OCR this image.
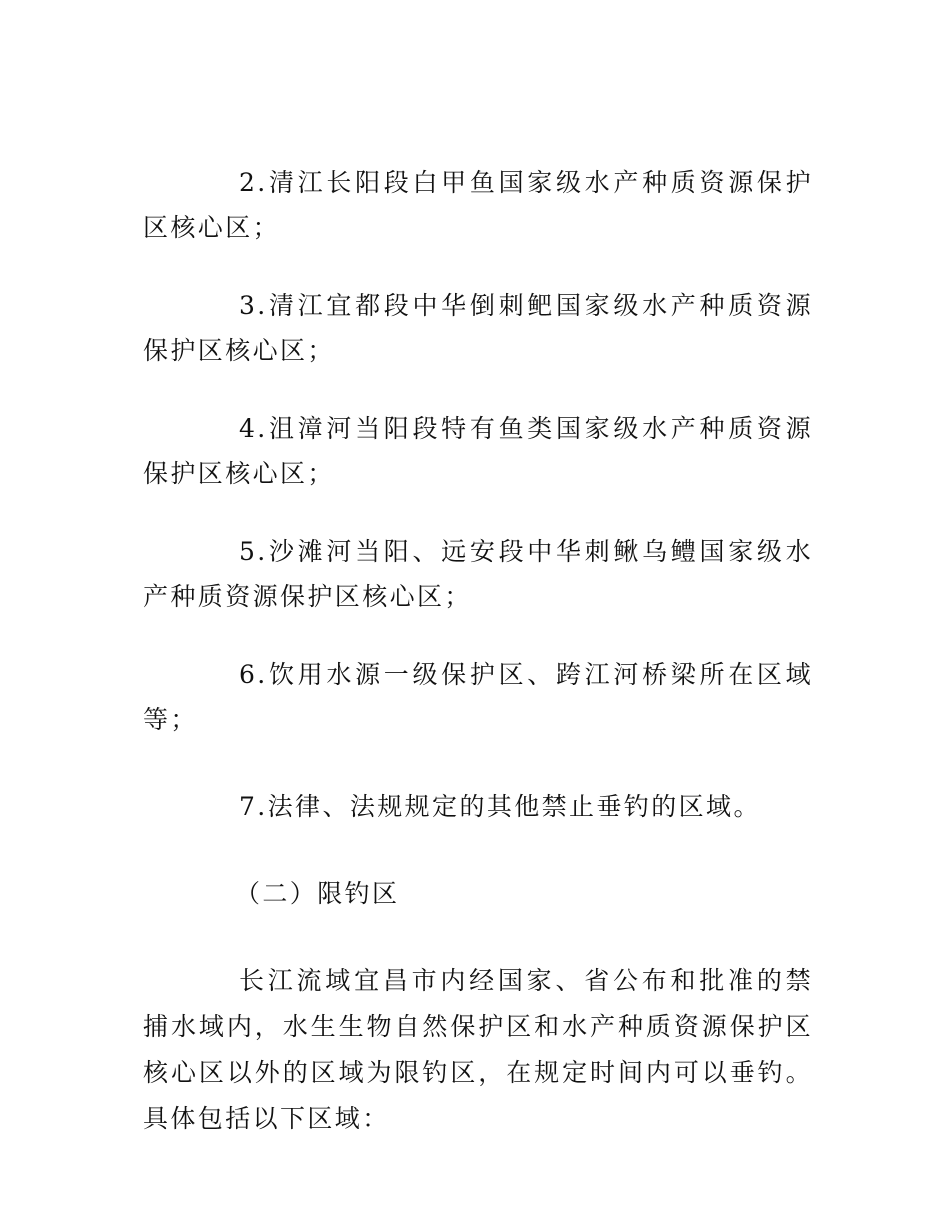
2.清江长阳段白甲鱼国家级水产种质资源保护区核心区；

3.清江宜都段中华倒刺鲃国家级水产种质资源保护区核心区；

4.沮漳河当阳段特有鱼类国家级水产种质资源保护区核心区；

5.沙滩河当阳、远安段中华刺鳅乌鳢国家级水产种质资源保护区核心区；

6.饮用水源一级保护区、跨江河桥梁所在区域等；

7.法律、法规规定的其他禁止垂钓的区域。

（二）限钓区

长江流域宜昌市内经国家、省公布和批准的禁捕水域内，水生生物自然保护区和水产种质资源保护区核心区以外的区域为限钓区，在规定时间内可以垂钓。具体包括以下区域：
